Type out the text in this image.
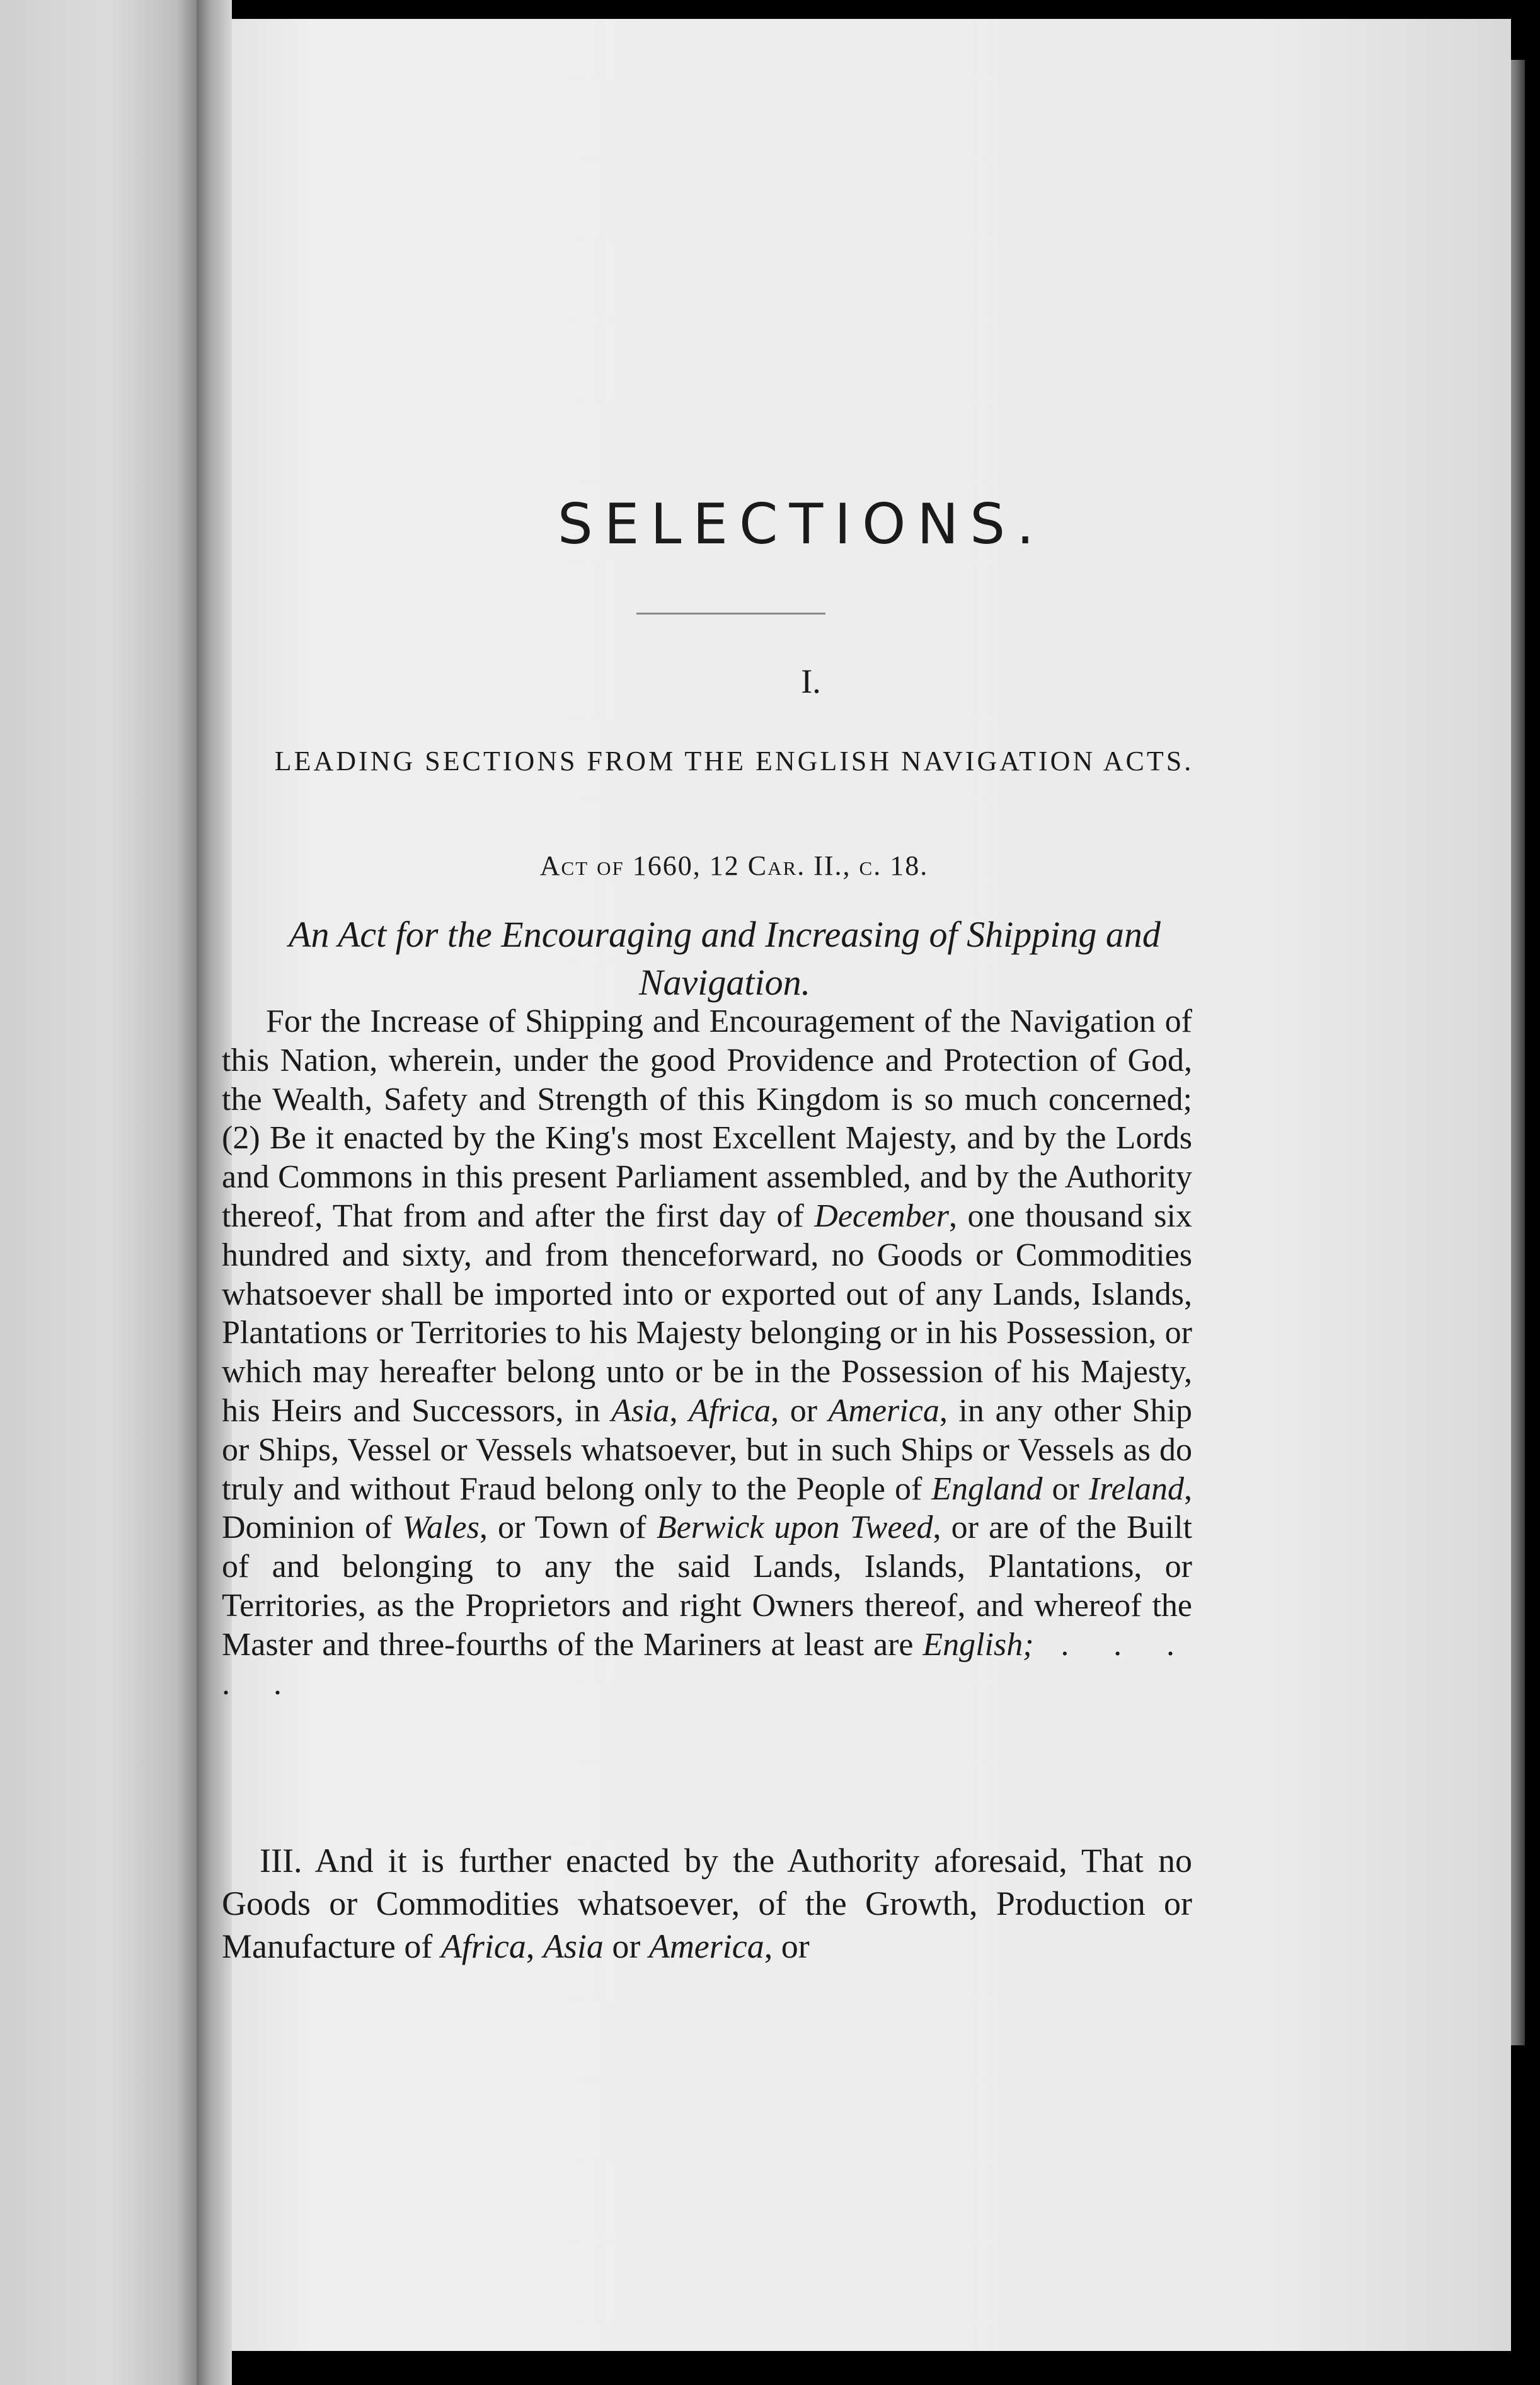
SELECTIONS.
I.
LEADING SECTIONS FROM THE ENGLISH NAVIGATION ACTS.
Act of 1660, 12 Car. II., c. 18.
An Act for the Encouraging and Increasing of Shipping and Navigation.

For the Increase of Shipping and Encouragement of the Navigation of this Nation, wherein, under the good Providence and Protection of God, the Wealth, Safety and Strength of this Kingdom is so much concerned; (2) Be it enacted by the King's most Excellent Majesty, and by the Lords and Commons in this present Parliament assembled, and by the Authority thereof, That from and after the first day of December, one thousand six hundred and sixty, and from thenceforward, no Goods or Commodities whatsoever shall be imported into or exported out of any Lands, Islands, Plantations or Territories to his Majesty belonging or in his Possession, or which may hereafter belong unto or be in the Possession of his Majesty, his Heirs and Successors, in Asia, Africa, or America, in any other Ship or Ships, Vessel or Vessels whatsoever, but in such Ships or Vessels as do truly and without Fraud belong only to the People of England or Ireland, Dominion of Wales, or Town of Berwick upon Tweed, or are of the Built of and belonging to any the said Lands, Islands, Plantations, or Territories, as the Proprietors and right Owners thereof, and whereof the Master and three-fourths of the Mariners at least are English; . . . . .

III. And it is further enacted by the Authority aforesaid, That no Goods or Commodities whatsoever, of the Growth, Production or Manufacture of Africa, Asia or America, or
